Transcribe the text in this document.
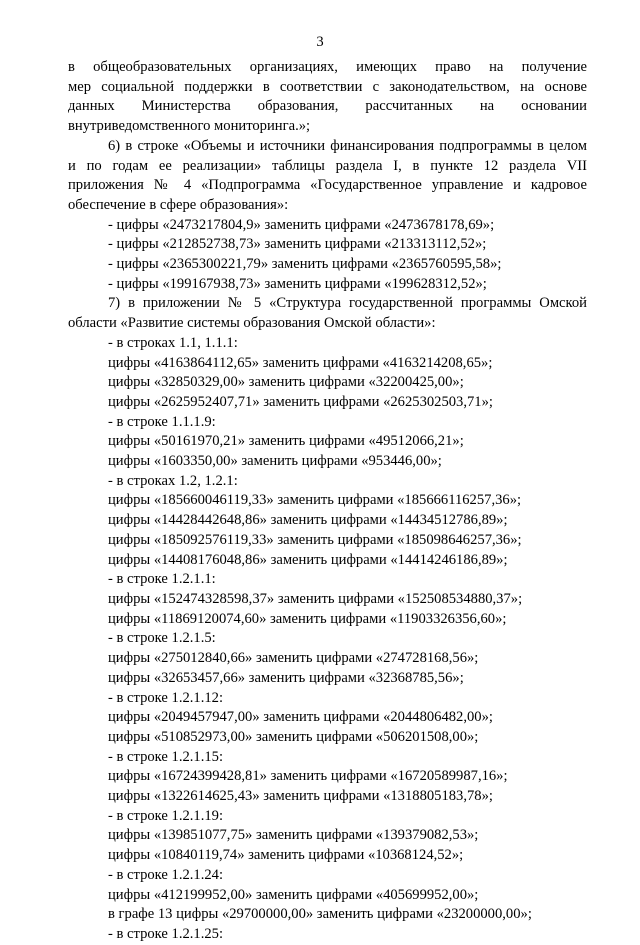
3
в общеобразовательных организациях, имеющих право на получение
мер социальной поддержки в соответствии с законодательством, на основе
данных Министерства образования, рассчитанных на основании
внутриведомственного мониторинга.»;
6) в строке «Объемы и источники финансирования подпрограммы в целом
и по годам ее реализации» таблицы раздела I, в пункте 12 раздела VII
приложения № 4 «Подпрограмма «Государственное управление и кадровое
обеспечение в сфере образования»:
- цифры «2473217804,9» заменить цифрами «2473678178,69»;
- цифры «212852738,73» заменить цифрами «213313112,52»;
- цифры «2365300221,79» заменить цифрами «2365760595,58»;
- цифры «199167938,73» заменить цифрами «199628312,52»;
7) в приложении № 5 «Структура государственной программы Омской
области «Развитие системы образования Омской области»:
- в строках 1.1, 1.1.1:
цифры «4163864112,65» заменить цифрами «4163214208,65»;
цифры «32850329,00» заменить цифрами «32200425,00»;
цифры «2625952407,71» заменить цифрами «2625302503,71»;
- в строке 1.1.1.9:
цифры «50161970,21» заменить цифрами «49512066,21»;
цифры «1603350,00» заменить цифрами «953446,00»;
- в строках 1.2, 1.2.1:
цифры «185660046119,33» заменить цифрами «185666116257,36»;
цифры «14428442648,86» заменить цифрами «14434512786,89»;
цифры «185092576119,33» заменить цифрами «185098646257,36»;
цифры «14408176048,86» заменить цифрами «14414246186,89»;
- в строке 1.2.1.1:
цифры «152474328598,37» заменить цифрами «152508534880,37»;
цифры «11869120074,60» заменить цифрами «11903326356,60»;
- в строке 1.2.1.5:
цифры «275012840,66» заменить цифрами «274728168,56»;
цифры «32653457,66» заменить цифрами «32368785,56»;
- в строке 1.2.1.12:
цифры «2049457947,00» заменить цифрами «2044806482,00»;
цифры «510852973,00» заменить цифрами «506201508,00»;
- в строке 1.2.1.15:
цифры «16724399428,81» заменить цифрами «16720589987,16»;
цифры «1322614625,43» заменить цифрами «1318805183,78»;
- в строке 1.2.1.19:
цифры «139851077,75» заменить цифрами «139379082,53»;
цифры «10840119,74» заменить цифрами «10368124,52»;
- в строке 1.2.1.24:
цифры «412199952,00» заменить цифрами «405699952,00»;
в графе 13 цифры «29700000,00» заменить цифрами «23200000,00»;
- в строке 1.2.1.25:
